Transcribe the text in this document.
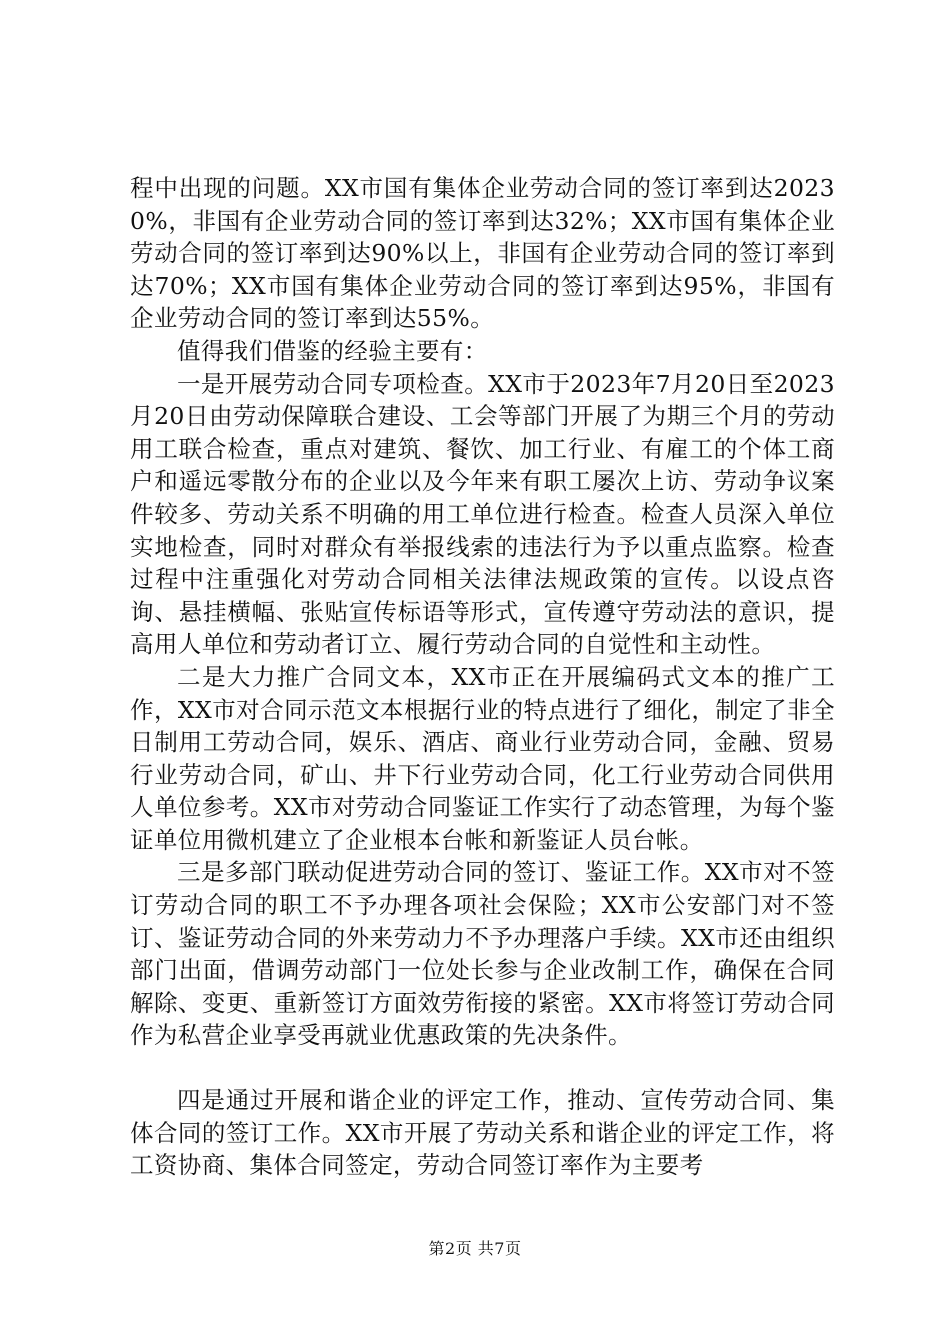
程中出现的问题。XX市国有集体企业劳动合同的签订率到达20230%，非国有企业劳动合同的签订率到达32%；XX市国有集体企业劳动合同的签订率到达90%以上，非国有企业劳动合同的签订率到达70%；XX市国有集体企业劳动合同的签订率到达95%，非国有企业劳动合同的签订率到达55%。

值得我们借鉴的经验主要有：

一是开展劳动合同专项检查。XX市于2023年7月20日至2023月20日由劳动保障联合建设、工会等部门开展了为期三个月的劳动用工联合检查，重点对建筑、餐饮、加工行业、有雇工的个体工商户和遥远零散分布的企业以及今年来有职工屡次上访、劳动争议案件较多、劳动关系不明确的用工单位进行检查。检查人员深入单位实地检查，同时对群众有举报线索的违法行为予以重点监察。检查过程中注重强化对劳动合同相关法律法规政策的宣传。以设点咨询、悬挂横幅、张贴宣传标语等形式，宣传遵守劳动法的意识，提高用人单位和劳动者订立、履行劳动合同的自觉性和主动性。

二是大力推广合同文本，XX市正在开展编码式文本的推广工作，XX市对合同示范文本根据行业的特点进行了细化，制定了非全日制用工劳动合同，娱乐、酒店、商业行业劳动合同，金融、贸易行业劳动合同，矿山、井下行业劳动合同，化工行业劳动合同供用人单位参考。XX市对劳动合同鉴证工作实行了动态管理，为每个鉴证单位用微机建立了企业根本台帐和新鉴证人员台帐。

三是多部门联动促进劳动合同的签订、鉴证工作。XX市对不签订劳动合同的职工不予办理各项社会保险；XX市公安部门对不签订、鉴证劳动合同的外来劳动力不予办理落户手续。XX市还由组织部门出面，借调劳动部门一位处长参与企业改制工作，确保在合同解除、变更、重新签订方面效劳衔接的紧密。XX市将签订劳动合同作为私营企业享受再就业优惠政策的先决条件。

四是通过开展和谐企业的评定工作，推动、宣传劳动合同、集体合同的签订工作。XX市开展了劳动关系和谐企业的评定工作，将工资协商、集体合同签定，劳动合同签订率作为主要考

第2页 共7页
